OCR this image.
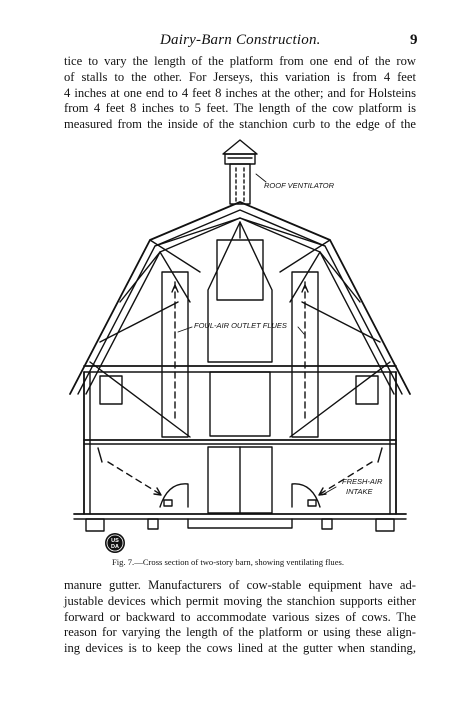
Dairy-Barn Construction.	9
tice to vary the length of the platform from one end of the row
of stalls to the other. For Jerseys, this variation is from 4 feet
4 inches at one end to 4 feet 8 inches at the other; and for Holsteins
from 4 feet 8 inches to 5 feet. The length of the cow platform is
measured from the inside of the stanchion curb to the edge of the
ROOF VENTILATOR
FOUL-AIR OUTLET FLUES
FRESH-AIR
INTAKE
US
DA
Fig. 7.—Cross section of two-story barn, showing ventilating flues.
manure gutter. Manufacturers of cow-stable equipment have ad-
justable devices which permit moving the stanchion supports either
forward or backward to accommodate various sizes of cows. The
reason for varying the length of the platform or using these align-
ing devices is to keep the cows lined at the gutter when standing,
